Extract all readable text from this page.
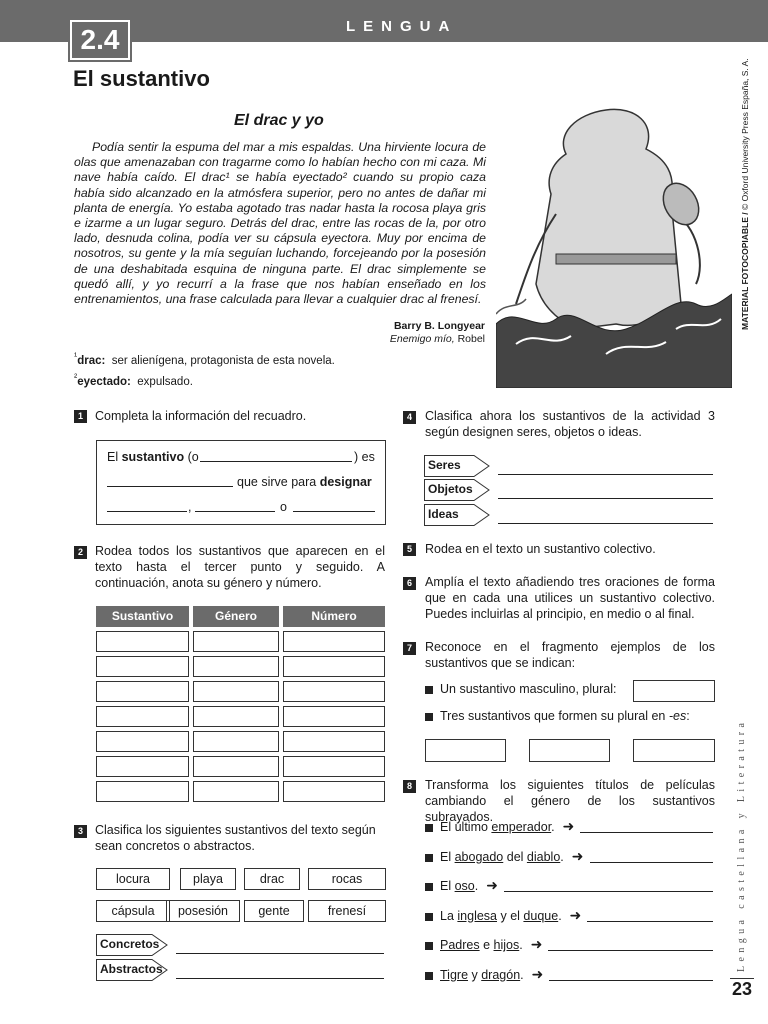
LENGUA
2.4
El sustantivo
El drac y yo

Podía sentir la espuma del mar a mis espaldas. Una hirviente locura de olas que amenazaban con tragarme como lo habían hecho con mi caza. Mi nave había caído. El drac¹ se había eyectado² cuando su propio caza había sido alcanzado en la atmósfera superior, pero no antes de dañar mi planta de energía. Yo estaba agotado tras nadar hasta la rocosa playa gris e izarme a un lugar seguro. Detrás del drac, entre las rocas de la, por otro lado, desnuda colina, podía ver su cápsula eyectora. Muy por encima de nosotros, su gente y la mía seguían luchando, forcejeando por la posesión de una deshabitada esquina de ninguna parte. El drac simplemente se quedó allí, y yo recurrí a la frase que nos habían enseñado en los entrenamientos, una frase calculada para llevar a cualquier drac al frenesí.

Barry B. Longyear
Enemigo mío, Robel
$^{^1}$drac: ser alienígena, protagonista de esta novela.
$^{^2}$eyectado: expulsado.
MATERIAL FOTOCOPIABLE / © Oxford University Press España, S. A.
Lengua castellana y Literatura
23
1 Completa la información del recuadro.
El sustantivo (o	) es
que sirve para designar
,	o
2 Rodea todos los sustantivos que aparecen en el texto hasta el tercer punto y seguido. A continuación, anota su género y número.
Sustantivo	Género	Número
3 Clasifica los siguientes sustantivos del texto según sean concretos o abstractos.
locura	playa	drac	rocas
cápsula	posesión	gente	frenesí
Concretos
Abstractos
4	Clasifica ahora los sustantivos de la actividad 3 según designen seres, objetos o ideas.
Seres
Objetos
Ideas
5	Rodea en el texto un sustantivo colectivo.
6	Amplía el texto añadiendo tres oraciones de forma que en cada una utilices un sustantivo colectivo. Puedes incluirlas al principio, en medio o al final.
7	Reconoce en el fragmento ejemplos de los sustantivos que se indican:
Un sustantivo masculino, plural:
Tres sustantivos que formen su plural en -es:
8	Transforma los siguientes títulos de películas cambiando el género de los sustantivos subrayados.
El último emperador. ➜
El abogado del diablo. ➜
El oso. ➜
La inglesa y el duque. ➜
Padres e hijos. ➜
Tigre y dragón. ➜
